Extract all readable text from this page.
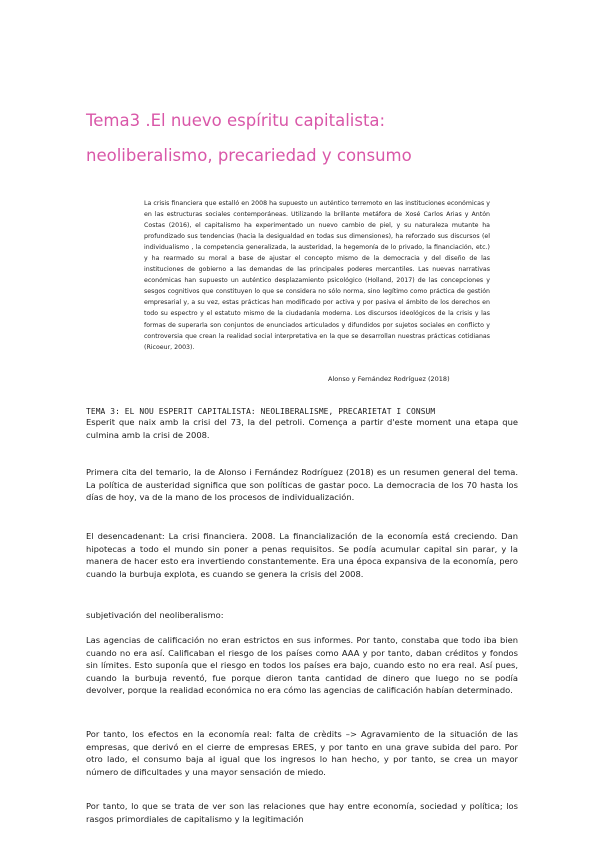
Tema3 .El nuevo espíritu capitalista:
neoliberalismo, precariedad y consumo

La crisis financiera que estalló en 2008 ha supuesto un auténtico terremoto en las instituciones económicas y en las estructuras sociales contemporáneas. Utilizando la brillante metáfora de Xosé Carlos Arias y Antón Costas (2016), el capitalismo ha experimentado un nuevo cambio de piel, y su naturaleza mutante ha profundizado sus tendencias (hacia la desigualdad en todas sus dimensiones), ha reforzado sus discursos (el individualismo , la competencia generalizada, la austeridad, la hegemonía de lo privado, la financiación, etc.) y ha rearmado su moral a base de ajustar el concepto mismo de la democracia y del diseño de las instituciones de gobierno a las demandas de las principales poderes mercantiles. Las nuevas narrativas económicas han supuesto un auténtico desplazamiento psicológico (Holland, 2017) de las concepciones y sesgos cognitivos que constituyen lo que se considera no sólo norma, sino legítimo como práctica de gestión empresarial y, a su vez, estas prácticas han modificado por activa y por pasiva el ámbito de los derechos en todo su espectro y el estatuto mismo de la ciudadanía moderna. Los discursos ideológicos de la crisis y las formas de superarla son conjuntos de enunciados articulados y difundidos por sujetos sociales en conflicto y controversia que crean la realidad social interpretativa en la que se desarrollan nuestras prácticas cotidianas (Ricoeur, 2003).

Alonso y Fernández Rodríguez (2018)

TEMA 3: EL NOU ESPERIT CAPITALISTA: NEOLIBERALISME, PRECARIETAT I CONSUM

Esperit que naix amb la crisi del 73, la del petroli. Comença a partir d'este moment una etapa que culmina amb la crisi de 2008.

Primera cita del temario, la de Alonso i Fernández Rodríguez (2018) es un resumen general del tema. La política de austeridad significa que son políticas de gastar poco. La democracia de los 70 hasta los días de hoy, va de la mano de los procesos de individualización.

El desencadenant: La crisi financiera. 2008. La financialización de la economía está creciendo. Dan hipotecas a todo el mundo sin poner a penas requisitos. Se podía acumular capital sin parar, y la manera de hacer esto era invertiendo constantemente. Era una época expansiva de la economía, pero cuando la burbuja explota, es cuando se genera la crisis del 2008.

subjetivación del neoliberalismo:

Las agencias de calificación no eran estrictos en sus informes. Por tanto, constaba que todo iba bien cuando no era así. Calificaban el riesgo de los países como AAA y por tanto, daban créditos y fondos sin límites. Esto suponía que el riesgo en todos los países era bajo, cuando esto no era real. Así pues, cuando la burbuja reventó, fue porque dieron tanta cantidad de dinero que luego no se podía devolver, porque la realidad económica no era cómo las agencias de calificación habían determinado.

Por tanto, los efectos en la economía real: falta de crèdits –> Agravamiento de la situación de las empresas, que derivó en el cierre de empresas ERES, y por tanto en una grave subida del paro. Por otro lado, el consumo baja al igual que los ingresos lo han hecho, y por tanto, se crea un mayor número de dificultades y una mayor sensación de miedo.

Por tanto, lo que se trata de ver son las relaciones que hay entre economía, sociedad y política; los rasgos primordiales de capitalismo y la legitimación
